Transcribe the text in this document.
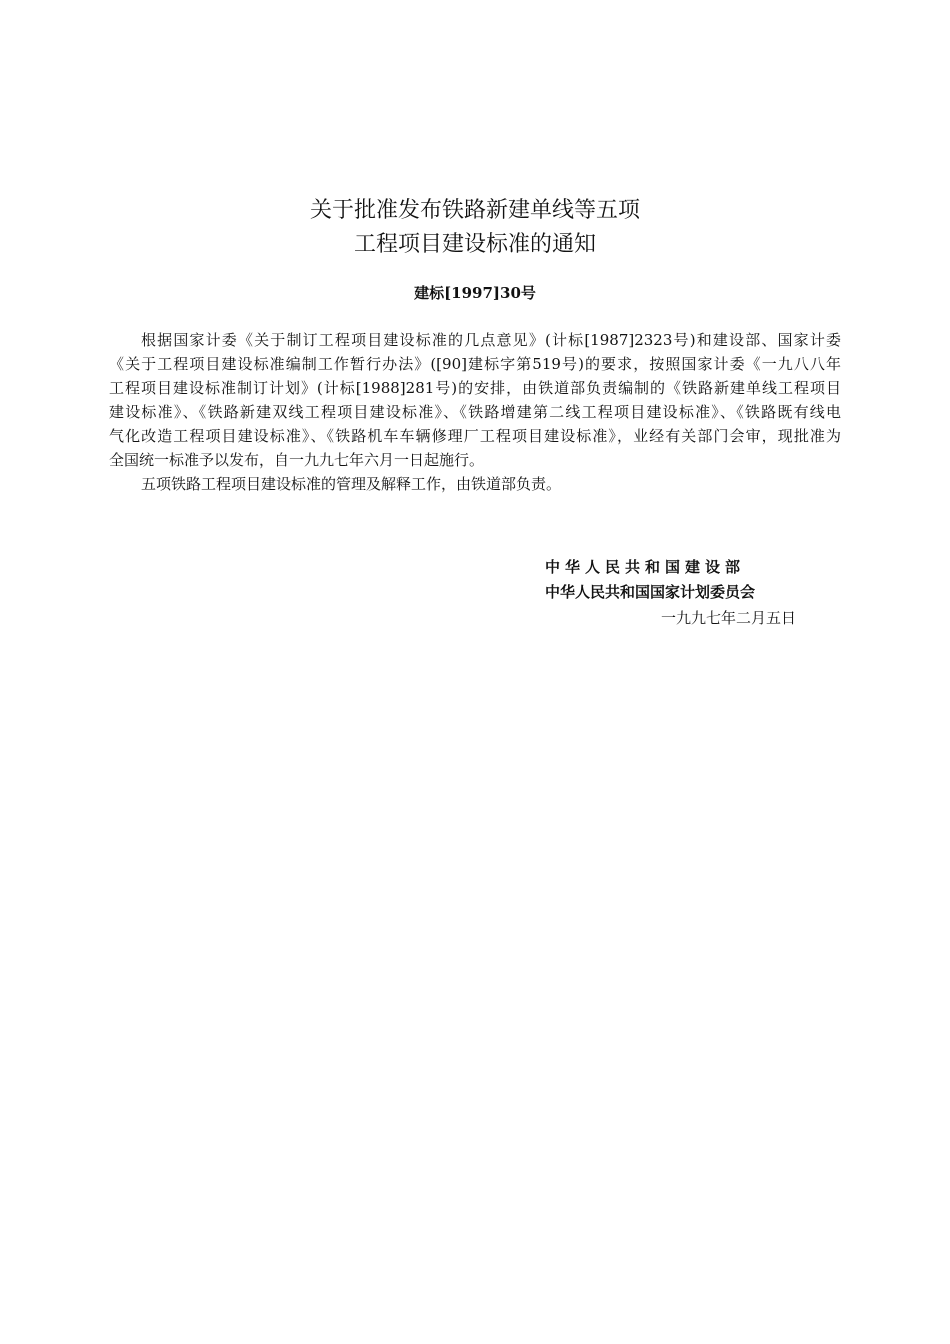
关于批准发布铁路新建单线等五项
工程项目建设标准的通知
建标[1997]30号
根据国家计委《关于制订工程项目建设标准的几点意见》(计标[1987]2323号)和建设部、国家计委
《关于工程项目建设标准编制工作暂行办法》([90]建标字第519号)的要求，按照国家计委《一九八八年
工程项目建设标准制订计划》(计标[1988]281号)的安排，由铁道部负责编制的《铁路新建单线工程项目
建设标准》、《铁路新建双线工程项目建设标准》、《铁路增建第二线工程项目建设标准》、《铁路既有线电
气化改造工程项目建设标准》、《铁路机车车辆修理厂工程项目建设标准》，业经有关部门会审，现批准为
全国统一标准予以发布，自一九九七年六月一日起施行。
五项铁路工程项目建设标准的管理及解释工作，由铁道部负责。
中华人民共和国建设部
中华人民共和国国家计划委员会
一九九七年二月五日
